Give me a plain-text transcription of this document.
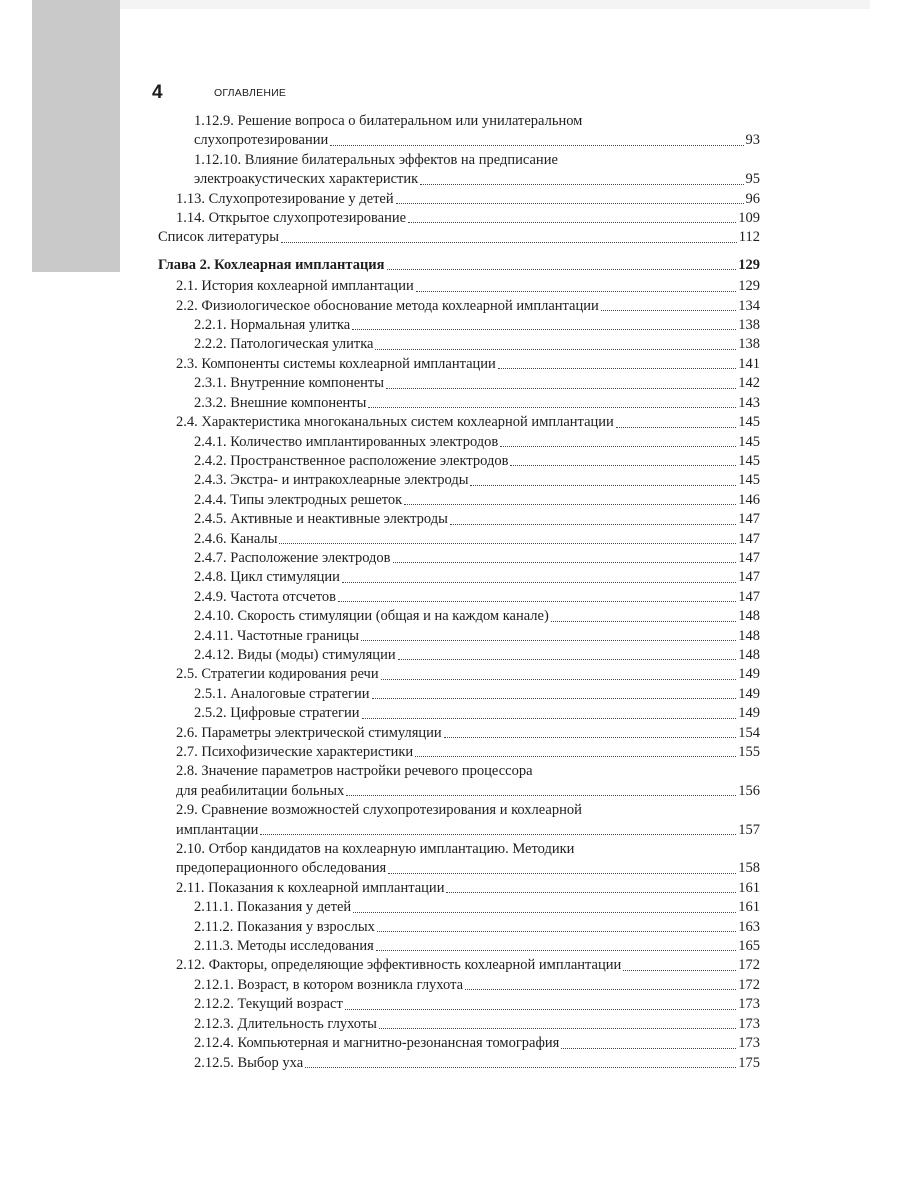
4	ОГЛАВЛЕНИЕ
1.12.9. Решение вопроса о билатеральном или унилатеральном
слухопротезировании	93
1.12.10. Влияние билатеральных эффектов на предписание
электроакустических характеристик	95
1.13. Слухопротезирование у детей	96
1.14. Открытое слухопротезирование	109
Список литературы	112
Глава 2. Кохлеарная имплантация	129
2.1. История кохлеарной имплантации	129
2.2. Физиологическое обоснование метода кохлеарной имплантации	134
2.2.1. Нормальная улитка	138
2.2.2. Патологическая улитка	138
2.3. Компоненты системы кохлеарной имплантации	141
2.3.1. Внутренние компоненты	142
2.3.2. Внешние компоненты	143
2.4. Характеристика многоканальных систем кохлеарной имплантации	145
2.4.1. Количество имплантированных электродов	145
2.4.2. Пространственное расположение электродов	145
2.4.3. Экстра- и интракохлеарные электроды	145
2.4.4. Типы электродных решеток	146
2.4.5. Активные и неактивные электроды	147
2.4.6. Каналы	147
2.4.7. Расположение электродов	147
2.4.8. Цикл стимуляции	147
2.4.9. Частота отсчетов	147
2.4.10. Скорость стимуляции (общая и на каждом канале)	148
2.4.11. Частотные границы	148
2.4.12. Виды (моды) стимуляции	148
2.5. Стратегии кодирования речи	149
2.5.1. Аналоговые стратегии	149
2.5.2. Цифровые стратегии	149
2.6. Параметры электрической стимуляции	154
2.7. Психофизические характеристики	155
2.8. Значение параметров настройки речевого процессора
для реабилитации больных	156
2.9. Сравнение возможностей слухопротезирования и кохлеарной
имплантации	157
2.10. Отбор кандидатов на кохлеарную имплантацию. Методики
предоперационного обследования	158
2.11. Показания к кохлеарной имплантации	161
2.11.1. Показания у детей	161
2.11.2. Показания у взрослых	163
2.11.3. Методы исследования	165
2.12. Факторы, определяющие эффективность кохлеарной имплантации	172
2.12.1. Возраст, в котором возникла глухота	172
2.12.2. Текущий возраст	173
2.12.3. Длительность глухоты	173
2.12.4. Компьютерная и магнитно-резонансная томография	173
2.12.5. Выбор уха	175
